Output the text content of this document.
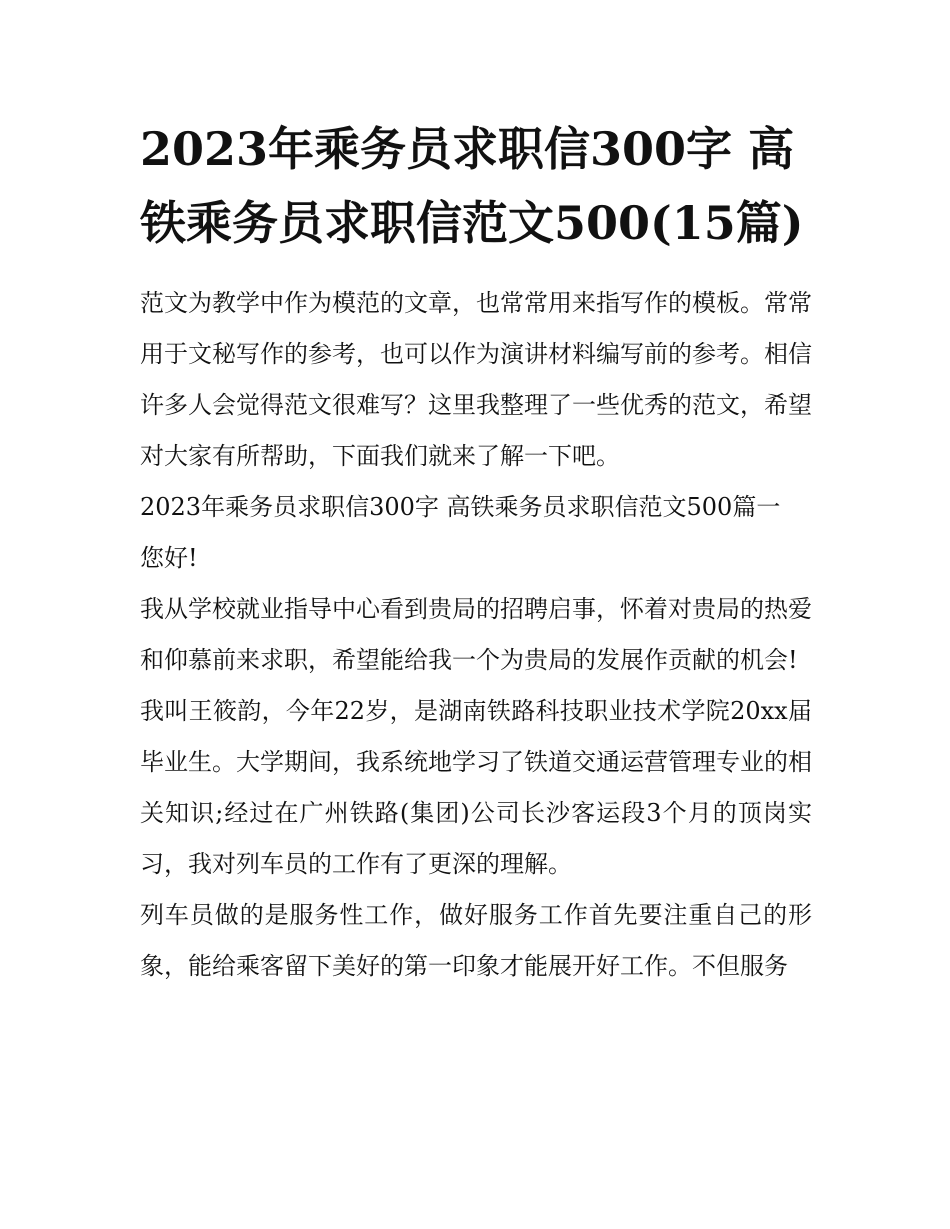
2023年乘务员求职信300字 高铁乘务员求职信范文500(15篇)

范文为教学中作为模范的文章，也常常用来指写作的模板。常常用于文秘写作的参考，也可以作为演讲材料编写前的参考。相信许多人会觉得范文很难写？这里我整理了一些优秀的范文，希望对大家有所帮助，下面我们就来了解一下吧。

2023年乘务员求职信300字 高铁乘务员求职信范文500篇一

您好!

我从学校就业指导中心看到贵局的招聘启事，怀着对贵局的热爱和仰慕前来求职，希望能给我一个为贵局的发展作贡献的机会!

我叫王筱韵，今年22岁，是湖南铁路科技职业技术学院20xx届毕业生。大学期间，我系统地学习了铁道交通运营管理专业的相关知识;经过在广州铁路(集团)公司长沙客运段3个月的顶岗实习，我对列车员的工作有了更深的理解。

列车员做的是服务性工作，做好服务工作首先要注重自己的形象，能给乘客留下美好的第一印象才能展开好工作。不但服务
